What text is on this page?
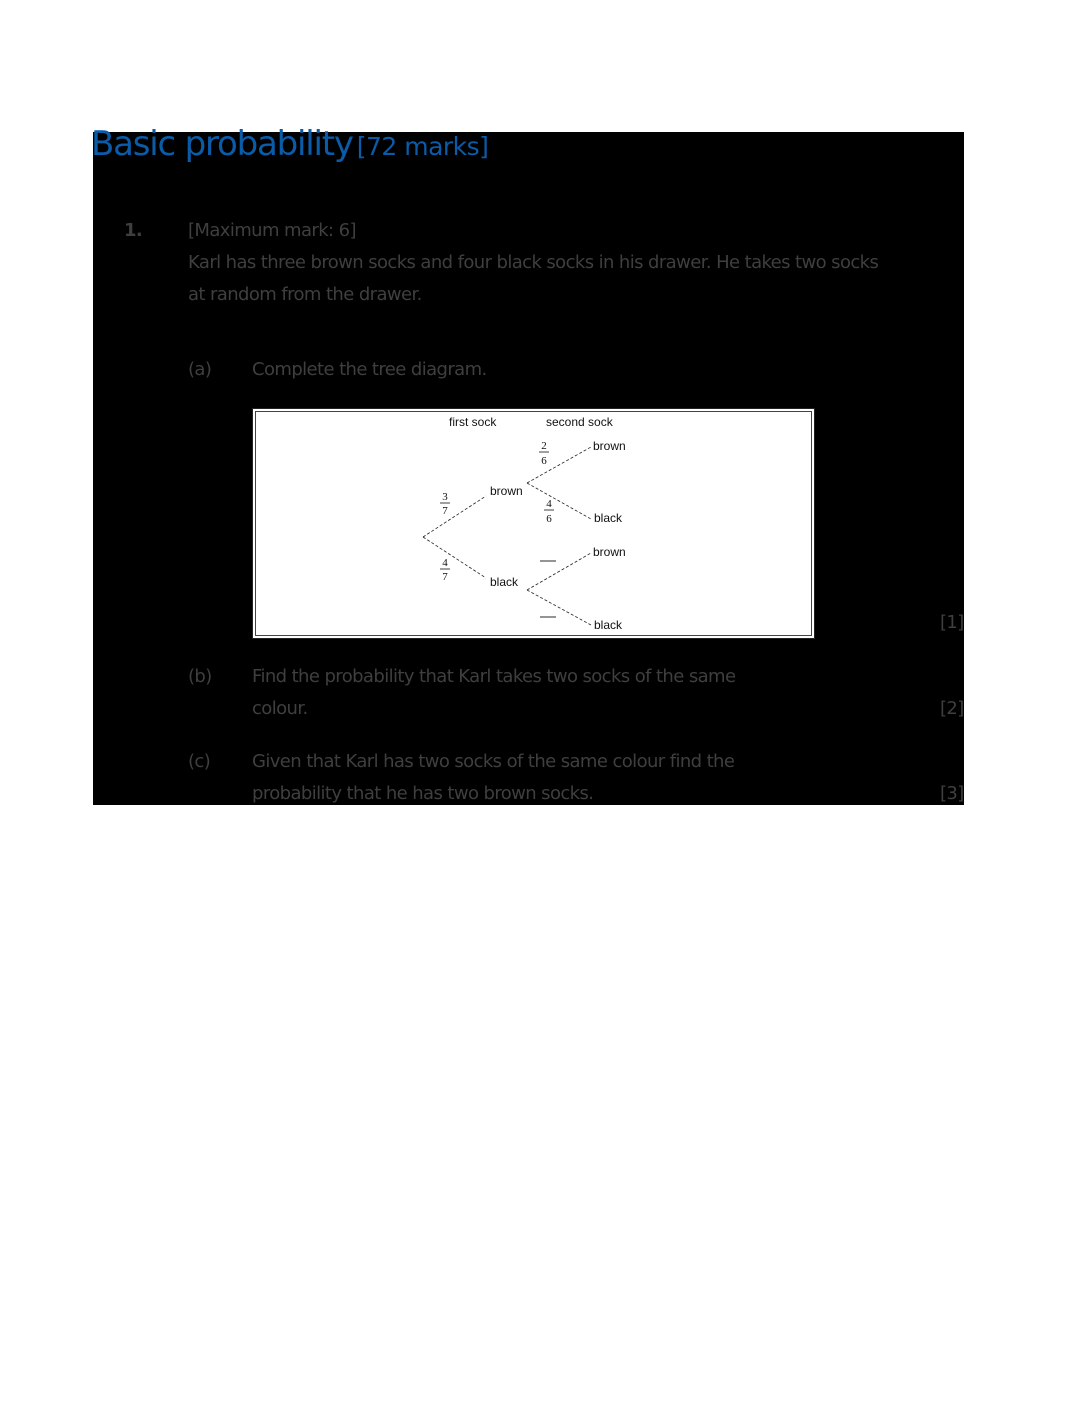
Basic probability [72 marks]
1.	[Maximum mark: 6]
Karl has three brown socks and four black socks in his drawer. He takes two socks
at random from the drawer.
(a) Complete the tree diagram.
[1]
first sock	second sock
brown
black
brown
black
brown
black
3
7
4
7
2
6
4
6
(b) Find the probability that Karl takes two socks of the same
colour.	[2]
(c) Given that Karl has two socks of the same colour find the
probability that he has two brown socks.	[3]
